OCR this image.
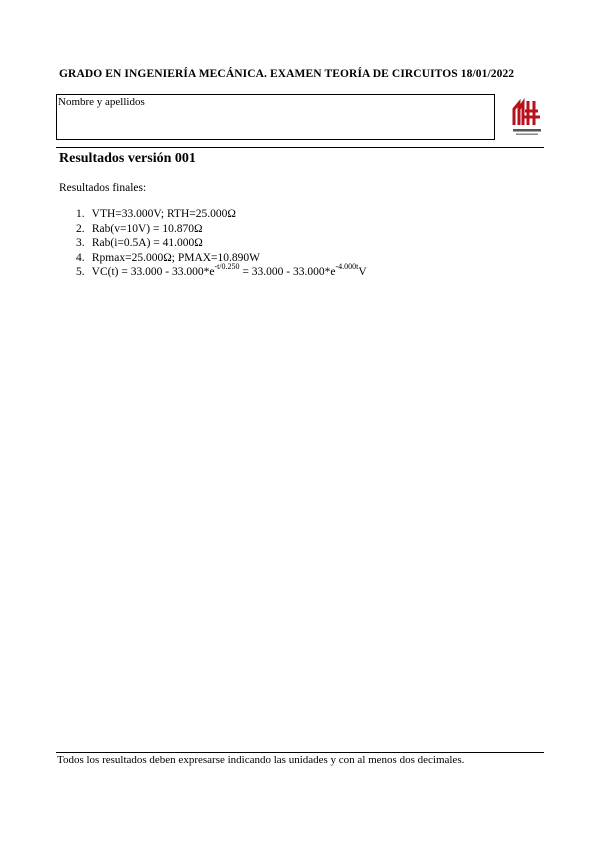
GRADO EN INGENIERÍA MECÁNICA. EXAMEN TEORÍA DE CIRCUITOS 18/01/2022
Nombre y apellidos
Resultados versión 001
Resultados finales:
1. VTH=33.000V; RTH=25.000Ω
2. Rab(v=10V) = 10.870Ω
3. Rab(i=0.5A) = 41.000Ω
4. Rpmax=25.000Ω; PMAX=10.890W
5. $VC(t) = 33.000 - 33.000*e^{-t/0.250} = 33.000 - 33.000*e^{-4.000t}V$
Todos los resultados deben expresarse indicando las unidades y con al menos dos decimales.
